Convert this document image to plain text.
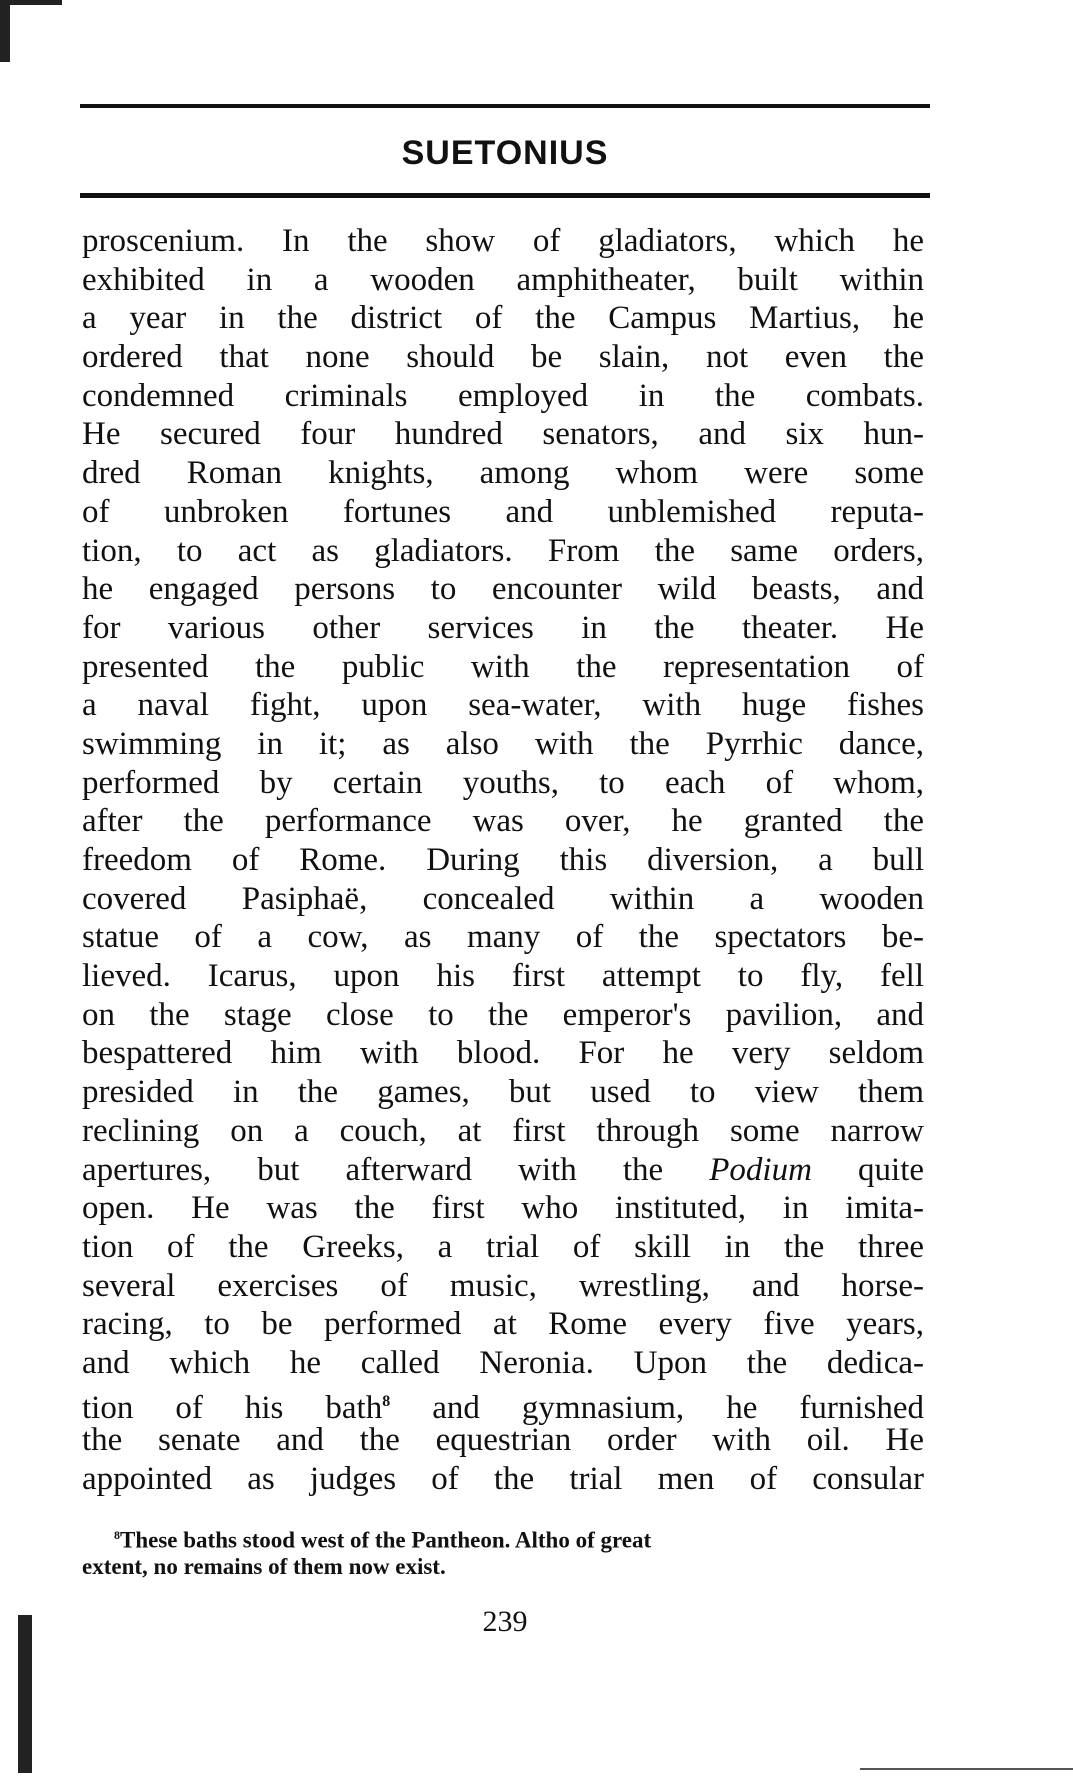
SUETONIUS
proscenium. In the show of gladiators, which he
exhibited in a wooden amphitheater, built within
a year in the district of the Campus Martius, he
ordered that none should be slain, not even the
condemned criminals employed in the combats.
He secured four hundred senators, and six hun-
dred Roman knights, among whom were some
of unbroken fortunes and unblemished reputa-
tion, to act as gladiators. From the same orders,
he engaged persons to encounter wild beasts, and
for various other services in the theater. He
presented the public with the representation of
a naval fight, upon sea-water, with huge fishes
swimming in it; as also with the Pyrrhic dance,
performed by certain youths, to each of whom,
after the performance was over, he granted the
freedom of Rome. During this diversion, a bull
covered Pasiphaë, concealed within a wooden
statue of a cow, as many of the spectators be-
lieved. Icarus, upon his first attempt to fly, fell
on the stage close to the emperor's pavilion, and
bespattered him with blood. For he very seldom
presided in the games, but used to view them
reclining on a couch, at first through some narrow
apertures, but afterward with the Podium quite
open. He was the first who instituted, in imita-
tion of the Greeks, a trial of skill in the three
several exercises of music, wrestling, and horse-
racing, to be performed at Rome every five years,
and which he called Neronia. Upon the dedica-
tion of his bath$^8$ and gymnasium, he furnished
the senate and the equestrian order with oil. He
appointed as judges of the trial men of consular
$^8$These baths stood west of the Pantheon. Altho of great
extent, no remains of them now exist.
239
